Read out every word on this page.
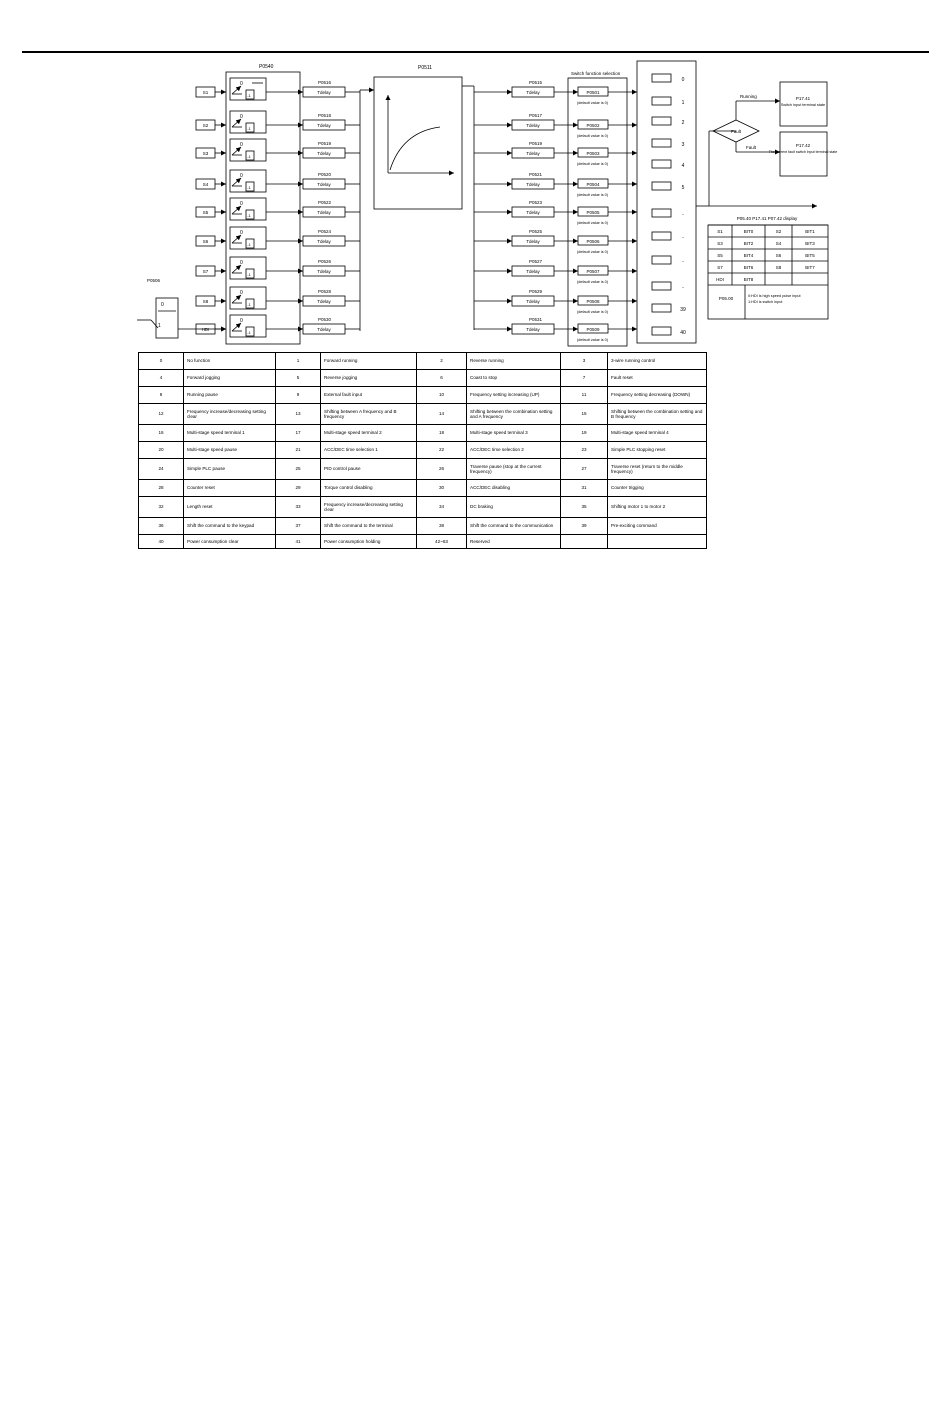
P0540	P0511
Switch function selection
P0506
0
1
S1
0
-1
P0516
Tdelay
P0515
Tdelay	P0501
(default value is 0)
S2
0
-1
P0518
Tdelay
P0517
Tdelay	P0502
(default value is 0)
S3
0
-1
P0519
Tdelay
P0519
Tdelay	P0503
(default value is 0)
S4
0
-1
P0520
Tdelay
P0521
Tdelay	P0504
(default value is 0)
S5
0
-1
P0522
Tdelay
P0523
Tdelay	P0505
(default value is 0)
S6
0
-1
P0524
Tdelay
P0525
Tdelay	P0506
(default value is 0)
S7
0
-1
P0526
Tdelay
P0527
Tdelay	P0507
(default value is 0)
S8
0
-1
P0528
Tdelay
P0529
Tdelay	P0508
(default value is 0)
HDI
0
-1
P0530
Tdelay
P0531
Tdelay	P0509
(default value is 0)
0
1
2
3
4
5
-
-
-
-
39
40
Fault
Running
Fault
P17.41
Switch input terminal state
P17.42
The current fault switch input terminal state
P05.40 P17.41 P07.42 display
S1	BIT0	S2	BIT1
S3	BIT2	S4	BIT3
S5	BIT4	S6	BIT5
S7	BIT6	S8	BIT7
HDI	BIT8
P05.00	0:HDI is high speed pulse input
1:HDI is switch input
0	No function	1	Forward running	2	Reverse running	3	3-wire running control
4	Forward jogging	5	Reverse jogging	6	Coast to stop	7	Fault reset
8	Running pause	9	External fault input	10	Frequency setting increasing (UP)	11	Frequency setting decreasing (DOWN)
12	Frequency increase/decreasing setting clear	13	Shifting between A frequency and B frequency	14	Shifting between the combination setting and A frequency	15	Shifting between the combination setting and B frequency
16	Multi-stage speed terminal 1	17	Multi-stage speed terminal 2	18	Multi-stage speed terminal 3	19	Multi-stage speed terminal 4
20	Multi-stage speed pause	21	ACC/DEC time selection 1	22	ACC/DEC time selection 2	23	Simple PLC stopping reset
24	Simple PLC pause	25	PID control pause	26	Traverse pause (stop at the current frequency)	27	Traverse reset (return to the middle frequency)
28	Counter reset	29	Torque control disabling	30	ACC/DEC disabling	31	Counter trigging
32	Length reset	33	Frequency increase/decreasing setting clear	34	DC braking	35	Shifting motor 1 to motor 2
36	Shift the command to the keypad	37	Shift the command to the terminal	38	Shift the command to the communication	39	Pre-exciting command
40	Power consumption clear	41	Power consumption holding	42~63	Reserved		
